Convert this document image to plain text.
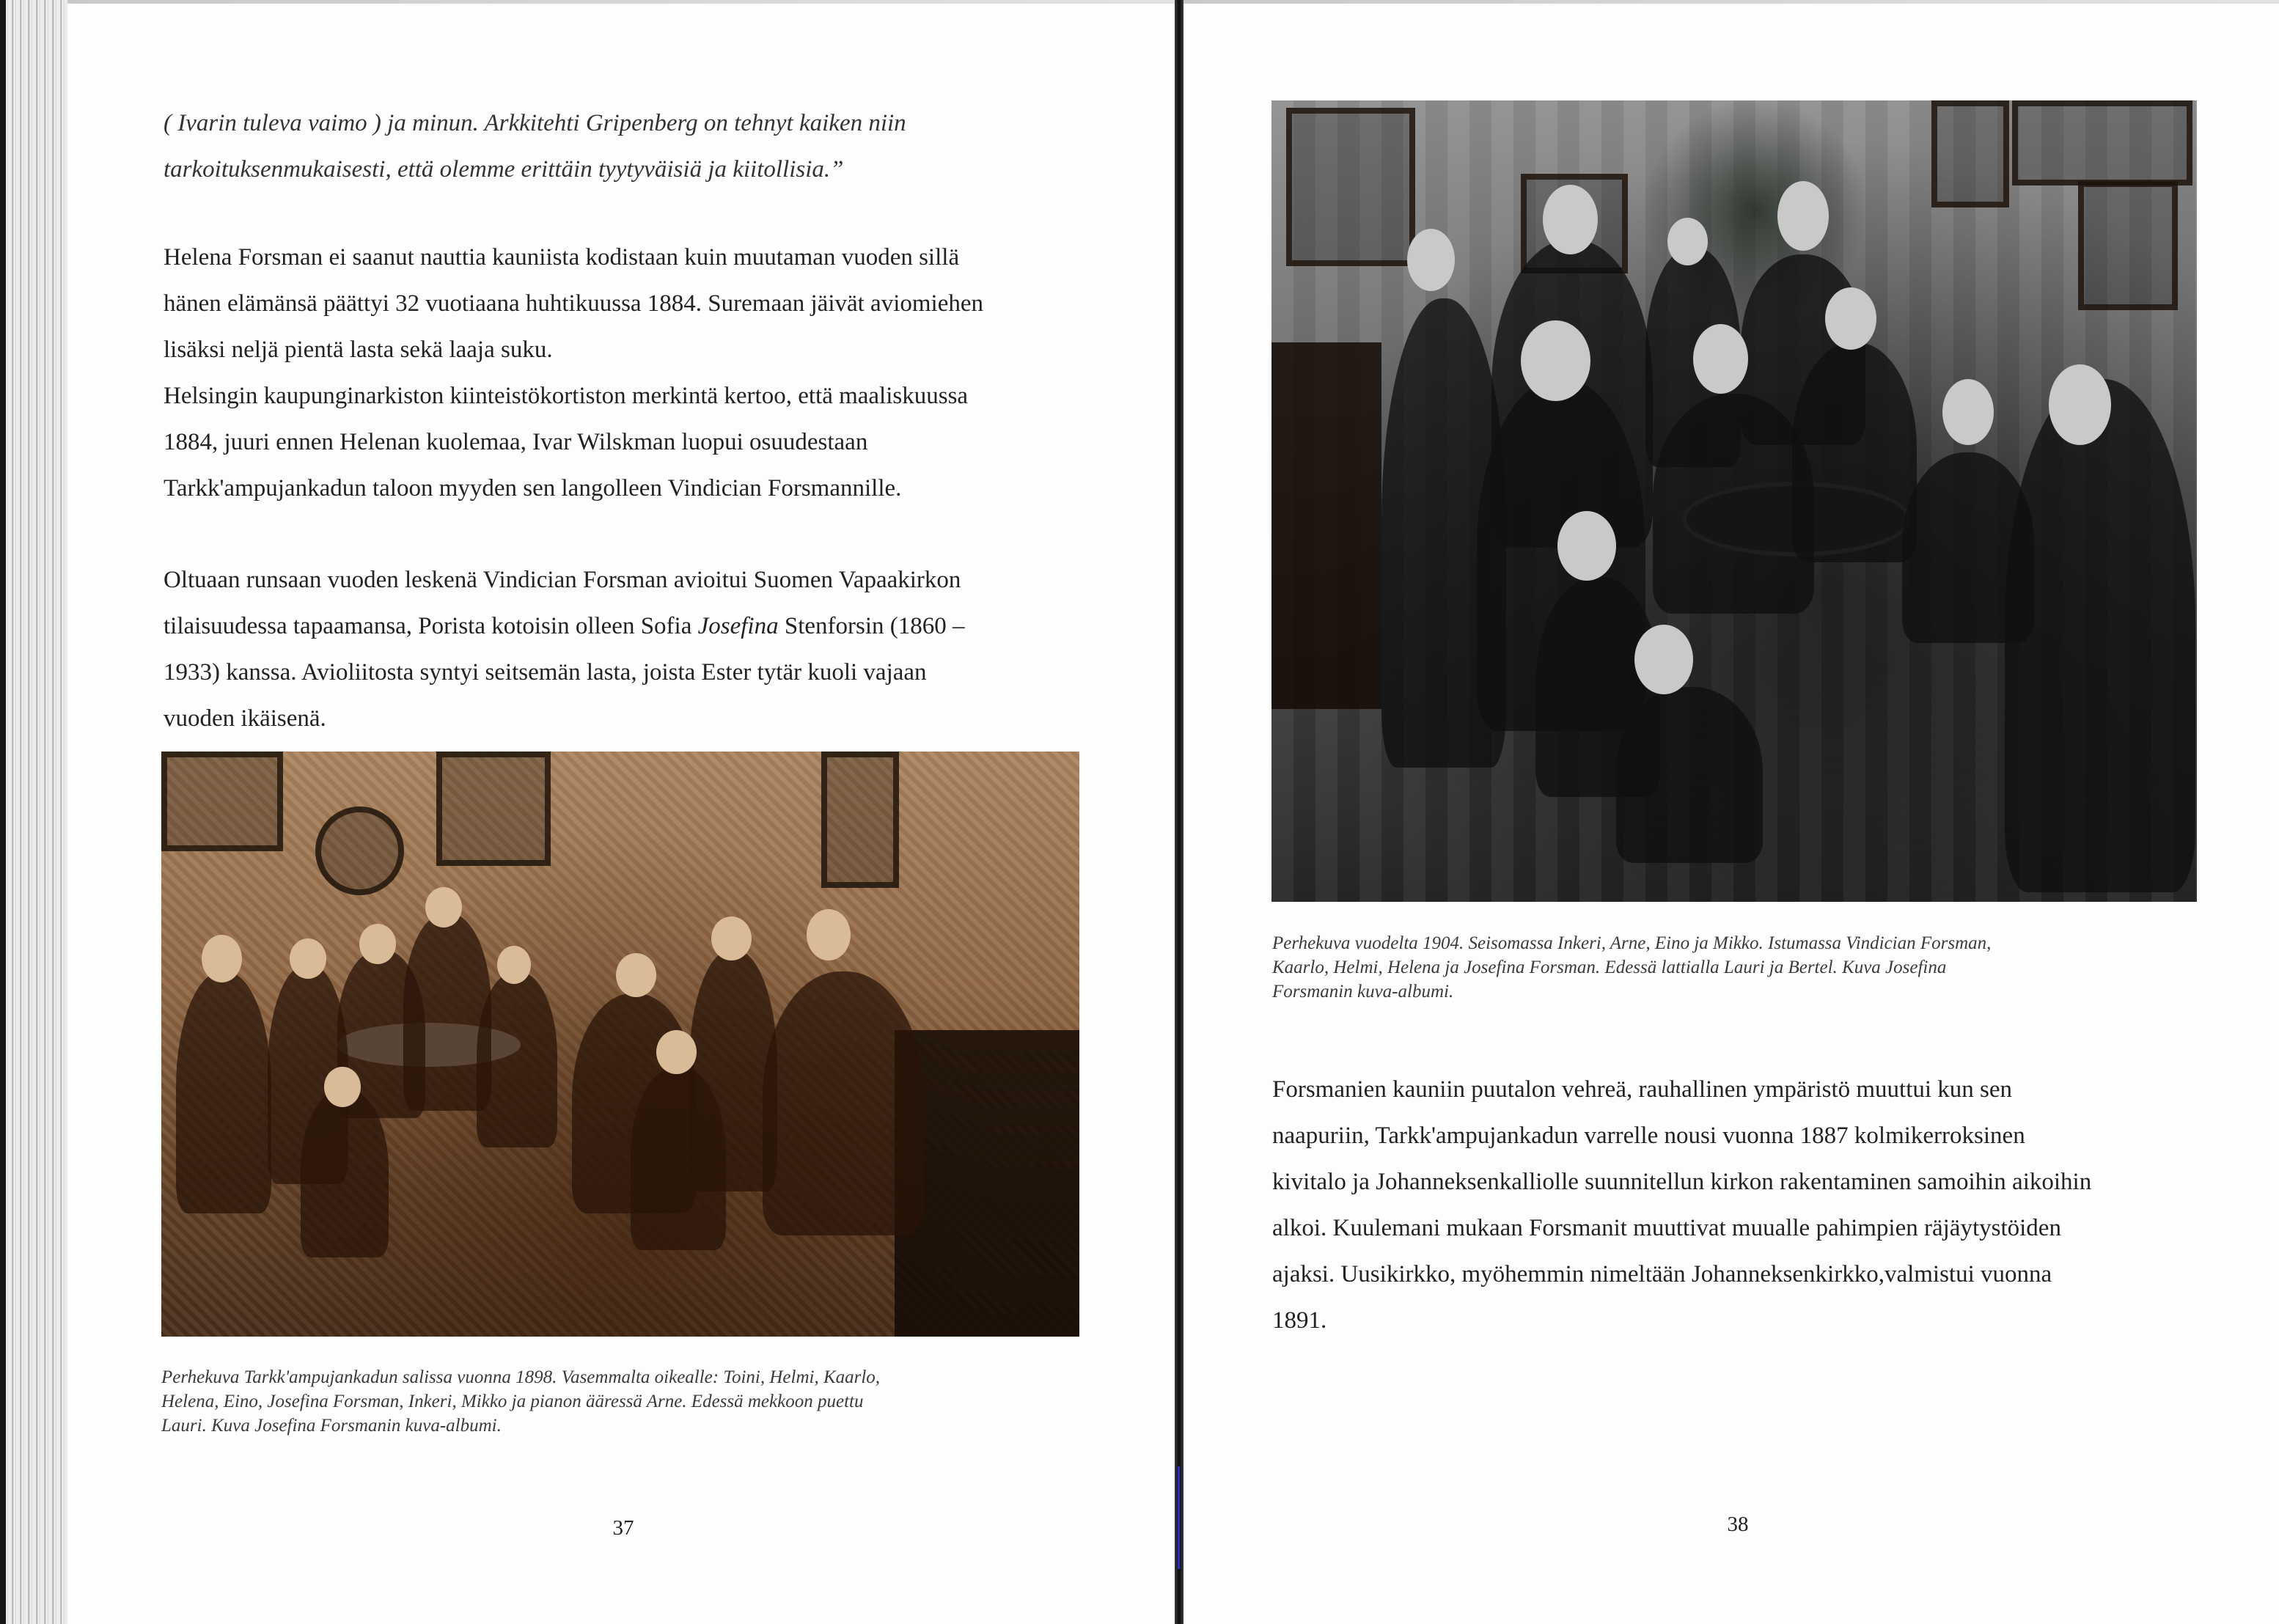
( Ivarin tuleva vaimo ) ja minun. Arkkitehti Gripenberg on tehnyt kaiken niin

tarkoituksenmukaisesti, että olemme erittäin tyytyväisiä ja kiitollisia.”

Helena Forsman ei saanut nauttia kauniista kodistaan kuin muutaman vuoden sillä

hänen elämänsä päättyi 32 vuotiaana huhtikuussa 1884. Suremaan jäivät aviomiehen

lisäksi neljä pientä lasta sekä laaja suku.

Helsingin kaupunginarkiston kiinteistökortiston merkintä kertoo, että maaliskuussa

1884, juuri ennen Helenan kuolemaa, Ivar Wilskman luopui osuudestaan

Tarkk'ampujankadun taloon myyden sen langolleen Vindician Forsmannille.

Oltuaan runsaan vuoden leskenä Vindician Forsman avioitui Suomen Vapaakirkon

tilaisuudessa tapaamansa, Porista kotoisin olleen Sofia Josefina Stenforsin (1860 –

1933) kanssa. Avioliitosta syntyi seitsemän lasta, joista Ester tytär kuoli vajaan

vuoden ikäisenä.

Perhekuva Tarkk'ampujankadun salissa vuonna 1898. Vasemmalta oikealle: Toini, Helmi, Kaarlo,

Helena, Eino, Josefina Forsman, Inkeri, Mikko ja pianon ääressä Arne. Edessä mekkoon puettu

Lauri. Kuva Josefina Forsmanin kuva-albumi.

37

Perhekuva vuodelta 1904. Seisomassa Inkeri, Arne, Eino ja Mikko. Istumassa Vindician Forsman,

Kaarlo, Helmi, Helena ja Josefina Forsman. Edessä lattialla Lauri ja Bertel. Kuva Josefina

Forsmanin kuva-albumi.

Forsmanien kauniin puutalon vehreä, rauhallinen ympäristö muuttui kun sen

naapuriin, Tarkk'ampujankadun varrelle nousi vuonna 1887 kolmikerroksinen

kivitalo ja Johanneksenkalliolle suunnitellun kirkon rakentaminen samoihin aikoihin

alkoi. Kuulemani mukaan Forsmanit muuttivat muualle pahimpien räjäytystöiden

ajaksi. Uusikirkko, myöhemmin nimeltään Johanneksenkirkko,valmistui vuonna

1891.

38
